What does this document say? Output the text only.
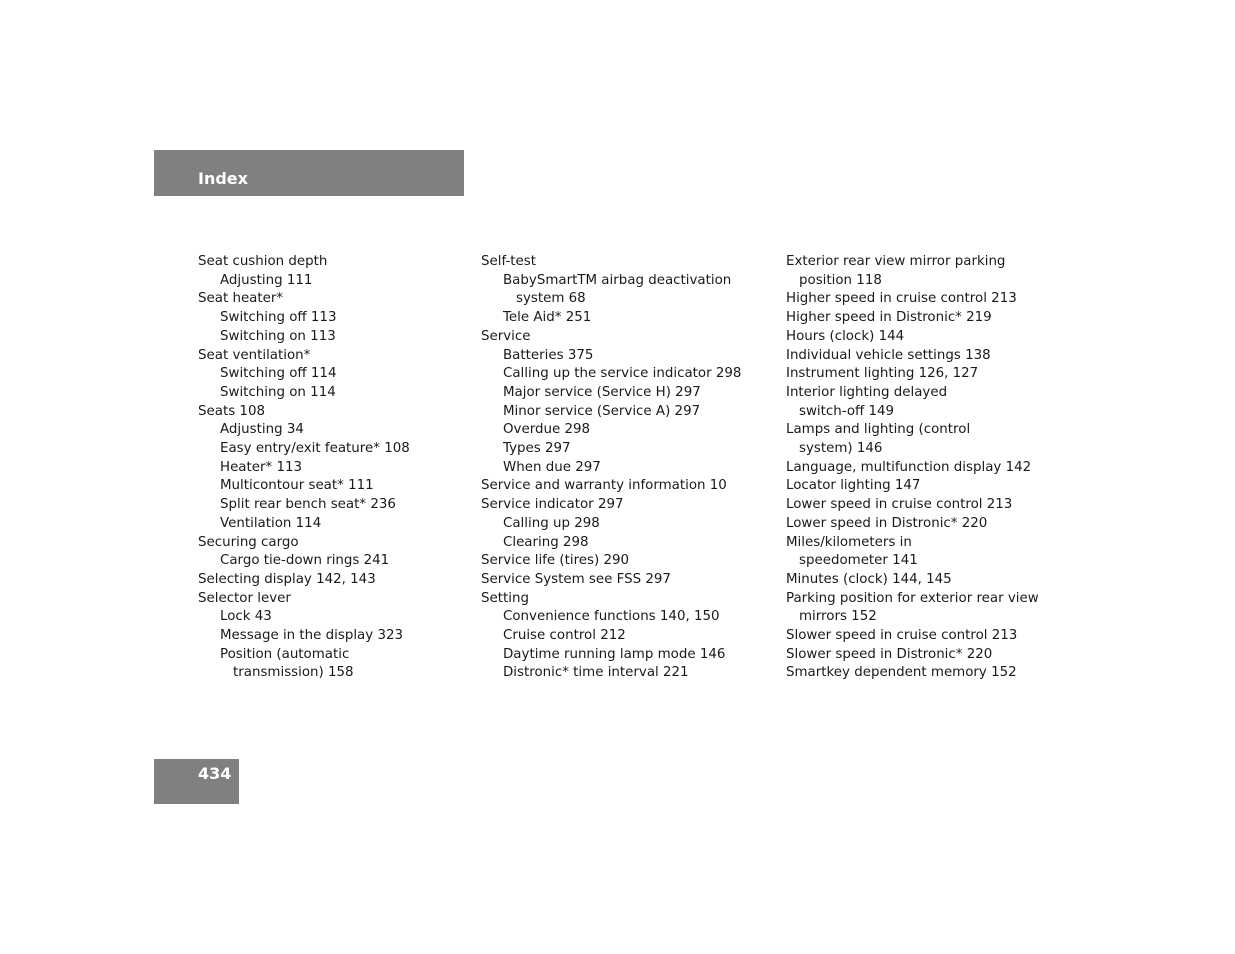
Index
Seat cushion depth
Adjusting 111
Seat heater*
Switching off 113
Switching on 113
Seat ventilation*
Switching off 114
Switching on 114
Seats 108
Adjusting 34
Easy entry/exit feature* 108
Heater* 113
Multicontour seat* 111
Split rear bench seat* 236
Ventilation 114
Securing cargo
Cargo tie-down rings 241
Selecting display 142, 143
Selector lever
Lock 43
Message in the display 323
Position (automatic
transmission) 158
Self-test
BabySmartTM airbag deactivation
system 68
Tele Aid* 251
Service
Batteries 375
Calling up the service indicator 298
Major service (Service H) 297
Minor service (Service A) 297
Overdue 298
Types 297
When due 297
Service and warranty information 10
Service indicator 297
Calling up 298
Clearing 298
Service life (tires) 290
Service System see FSS 297
Setting
Convenience functions 140, 150
Cruise control 212
Daytime running lamp mode 146
Distronic* time interval 221
Exterior rear view mirror parking
position 118
Higher speed in cruise control 213
Higher speed in Distronic* 219
Hours (clock) 144
Individual vehicle settings 138
Instrument lighting 126, 127
Interior lighting delayed
switch-off 149
Lamps and lighting (control
system) 146
Language, multifunction display 142
Locator lighting 147
Lower speed in cruise control 213
Lower speed in Distronic* 220
Miles/kilometers in
speedometer 141
Minutes (clock) 144, 145
Parking position for exterior rear view
mirrors 152
Slower speed in cruise control 213
Slower speed in Distronic* 220
Smartkey dependent memory 152
434
